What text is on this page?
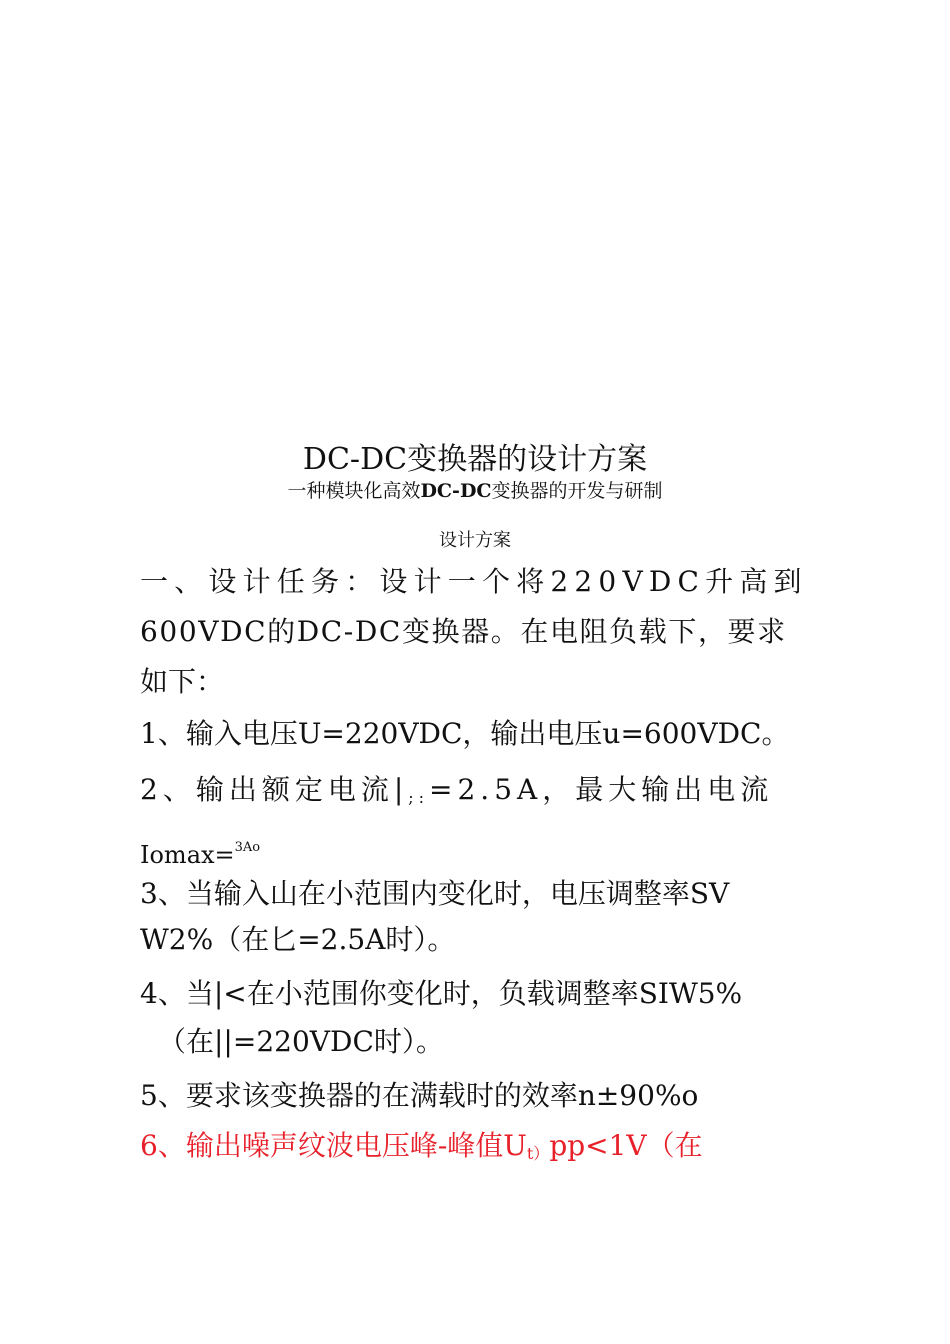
DC-DC变换器的设计方案
一种模块化高效DC-DC变换器的开发与研制
设计方案
一、设计任务：设计一个将220VDC升高到
600VDC的DC-DC变换器。在电阻负载下，要求
如下：
1、输入电压U=220VDC，输出电压u=600VDC。
2、输出额定电流$|_{;:}=2.5A$，最大输出电流
Iomax=$^{3Ao}$
3、当输入山在小范围内变化时，电压调整率SV
W2%（在匕=2.5A时）。
4、当|<在小范围你变化时，负载调整率SIW5%
（在||=220VDC时）。
5、要求该变换器的在满载时的效率n±90%o
6、输出噪声纹波电压峰-峰值$U_{t)}pp<1V$（在
